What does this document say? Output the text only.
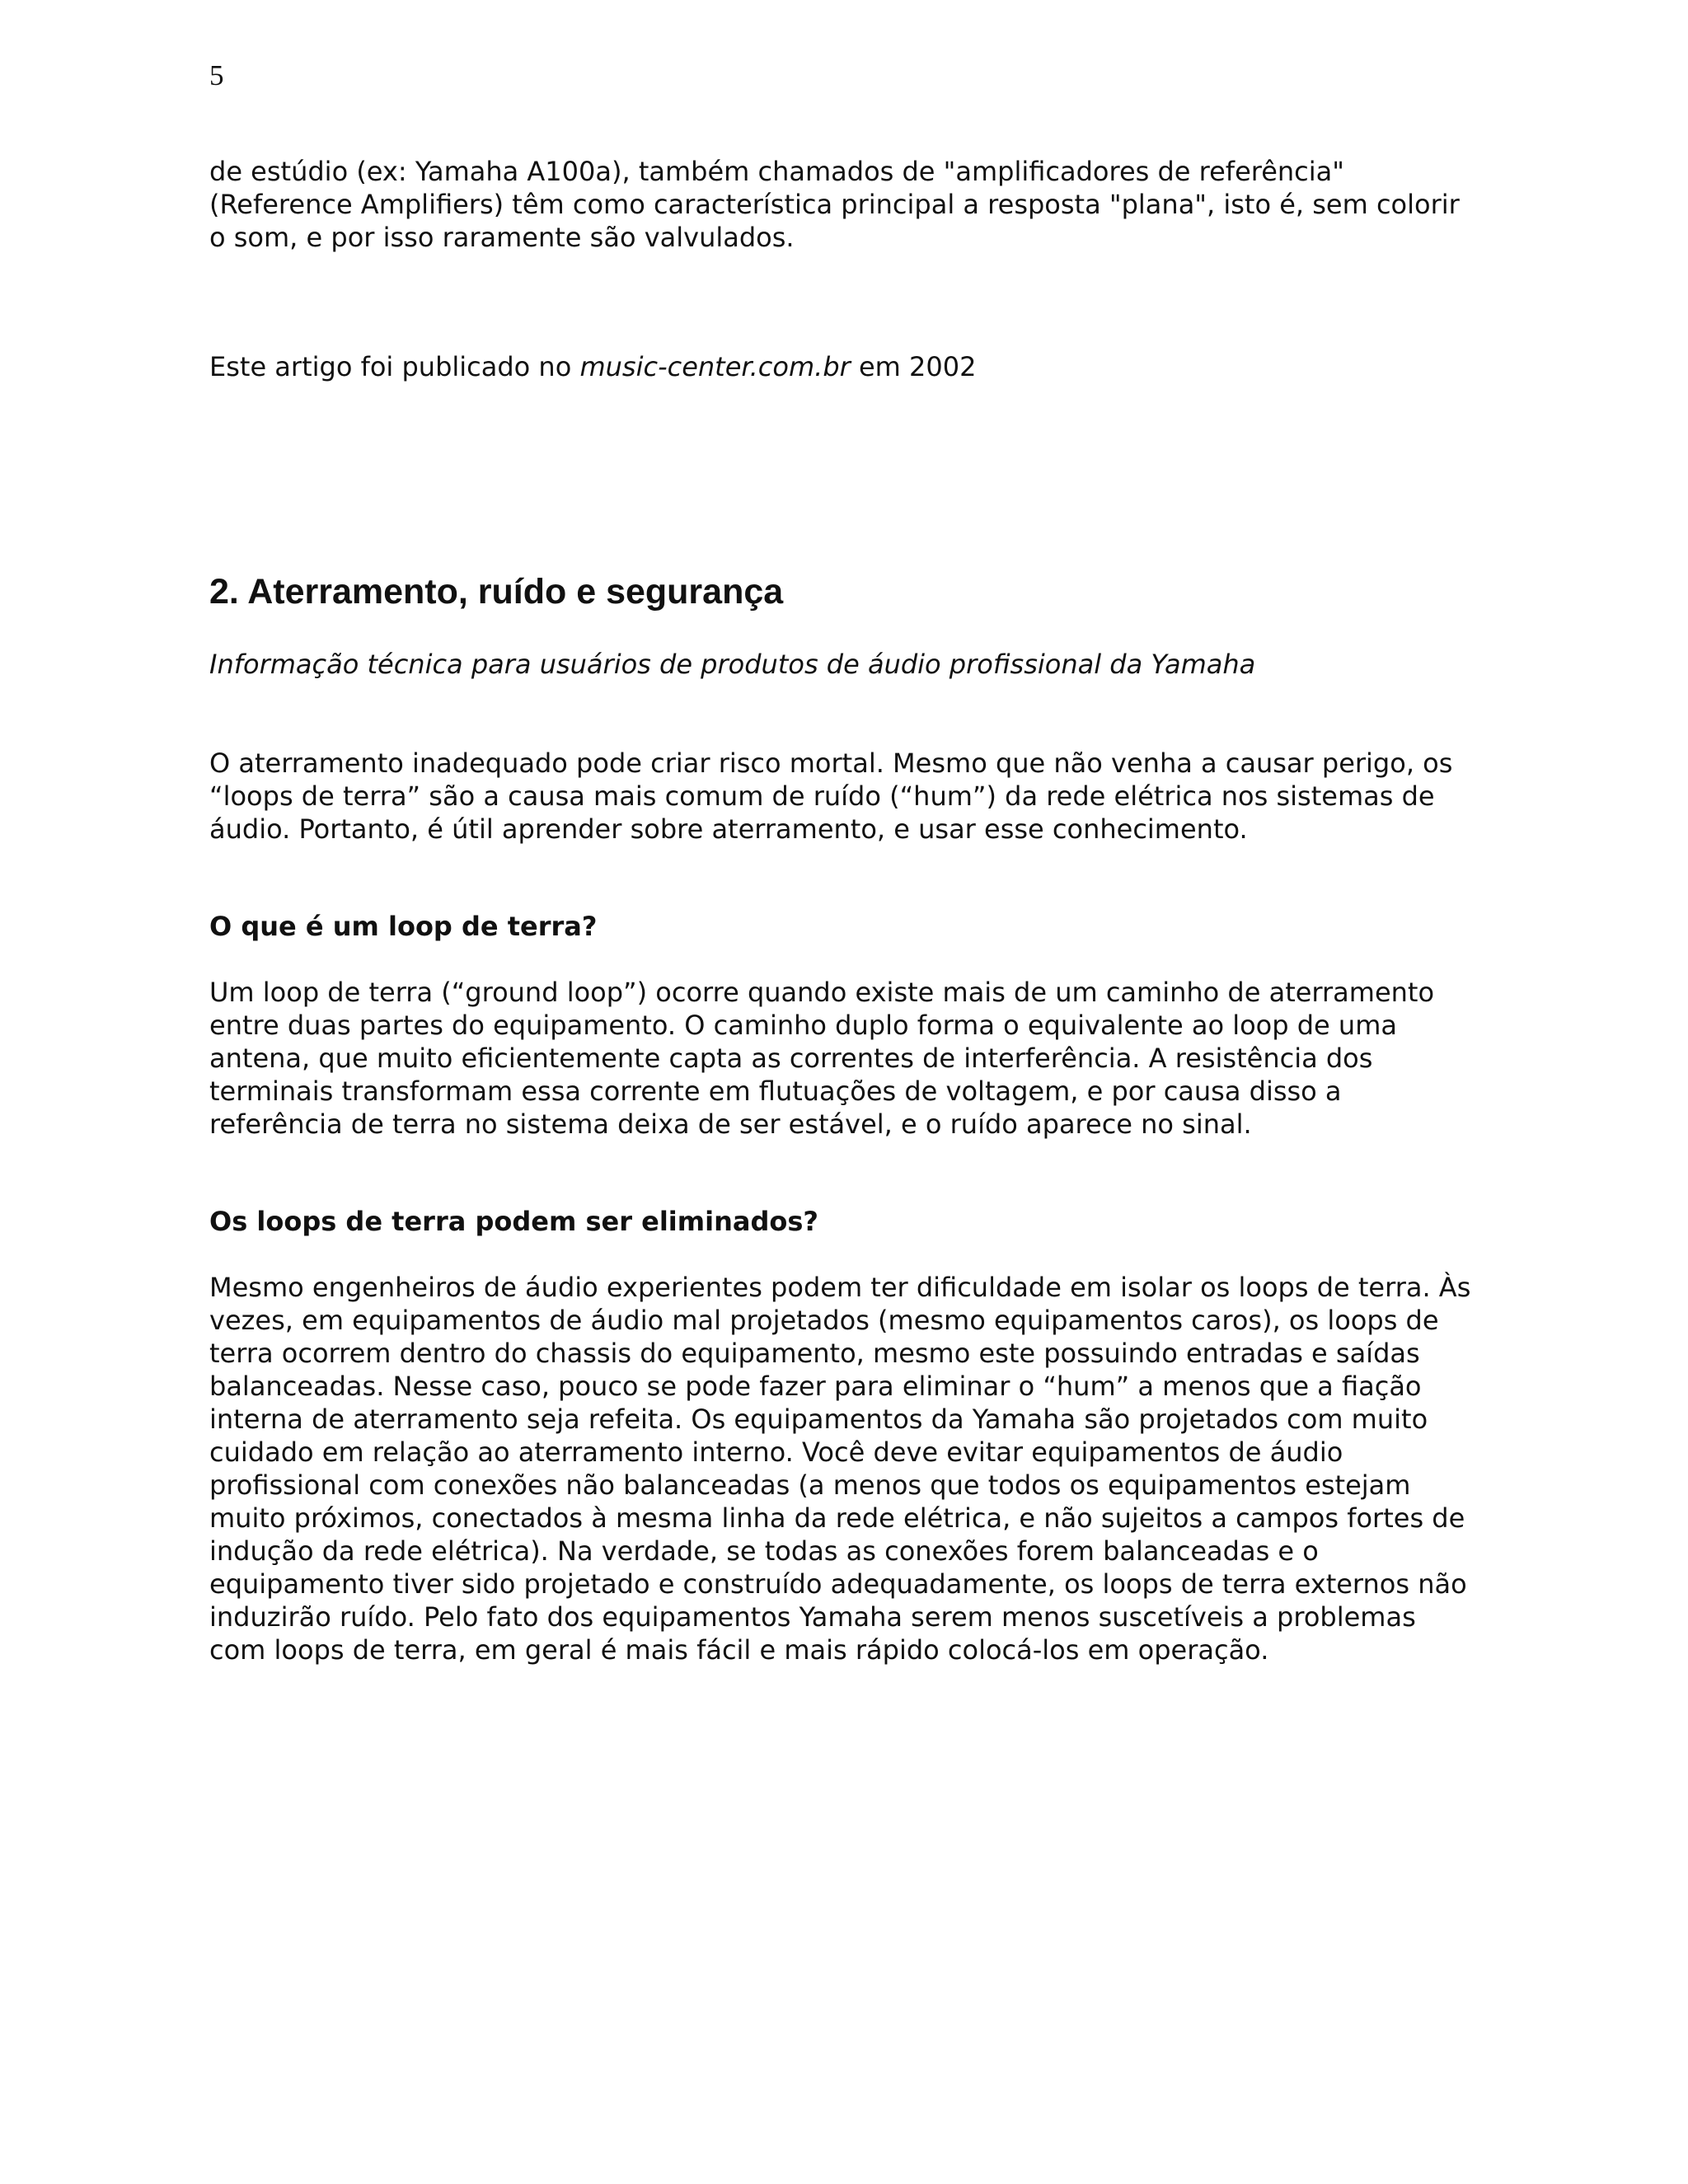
5

de estúdio (ex: Yamaha A100a), também chamados de "amplificadores de referência"
(Reference Amplifiers) têm como característica principal a resposta "plana", isto é, sem colorir
o som, e por isso raramente são valvulados.

Este artigo foi publicado no music-center.com.br em 2002

2. Aterramento, ruído e segurança

Informação técnica para usuários de produtos de áudio profissional da Yamaha

O aterramento inadequado pode criar risco mortal. Mesmo que não venha a causar perigo, os
“loops de terra” são a causa mais comum de ruído (“hum”) da rede elétrica nos sistemas de
áudio. Portanto, é útil aprender sobre aterramento, e usar esse conhecimento.

O que é um loop de terra?

Um loop de terra (“ground loop”) ocorre quando existe mais de um caminho de aterramento
entre duas partes do equipamento. O caminho duplo forma o equivalente ao loop de uma
antena, que muito eficientemente capta as correntes de interferência. A resistência dos
terminais transformam essa corrente em flutuações de voltagem, e por causa disso a
referência de terra no sistema deixa de ser estável, e o ruído aparece no sinal.

Os loops de terra podem ser eliminados?

Mesmo engenheiros de áudio experientes podem ter dificuldade em isolar os loops de terra. Às
vezes, em equipamentos de áudio mal projetados (mesmo equipamentos caros), os loops de
terra ocorrem dentro do chassis do equipamento, mesmo este possuindo entradas e saídas
balanceadas. Nesse caso, pouco se pode fazer para eliminar o “hum” a menos que a fiação
interna de aterramento seja refeita. Os equipamentos da Yamaha são projetados com muito
cuidado em relação ao aterramento interno. Você deve evitar equipamentos de áudio
profissional com conexões não balanceadas (a menos que todos os equipamentos estejam
muito próximos, conectados à mesma linha da rede elétrica, e não sujeitos a campos fortes de
indução da rede elétrica). Na verdade, se todas as conexões forem balanceadas e o
equipamento tiver sido projetado e construído adequadamente, os loops de terra externos não
induzirão ruído. Pelo fato dos equipamentos Yamaha serem menos suscetíveis a problemas
com loops de terra, em geral é mais fácil e mais rápido colocá-los em operação.
